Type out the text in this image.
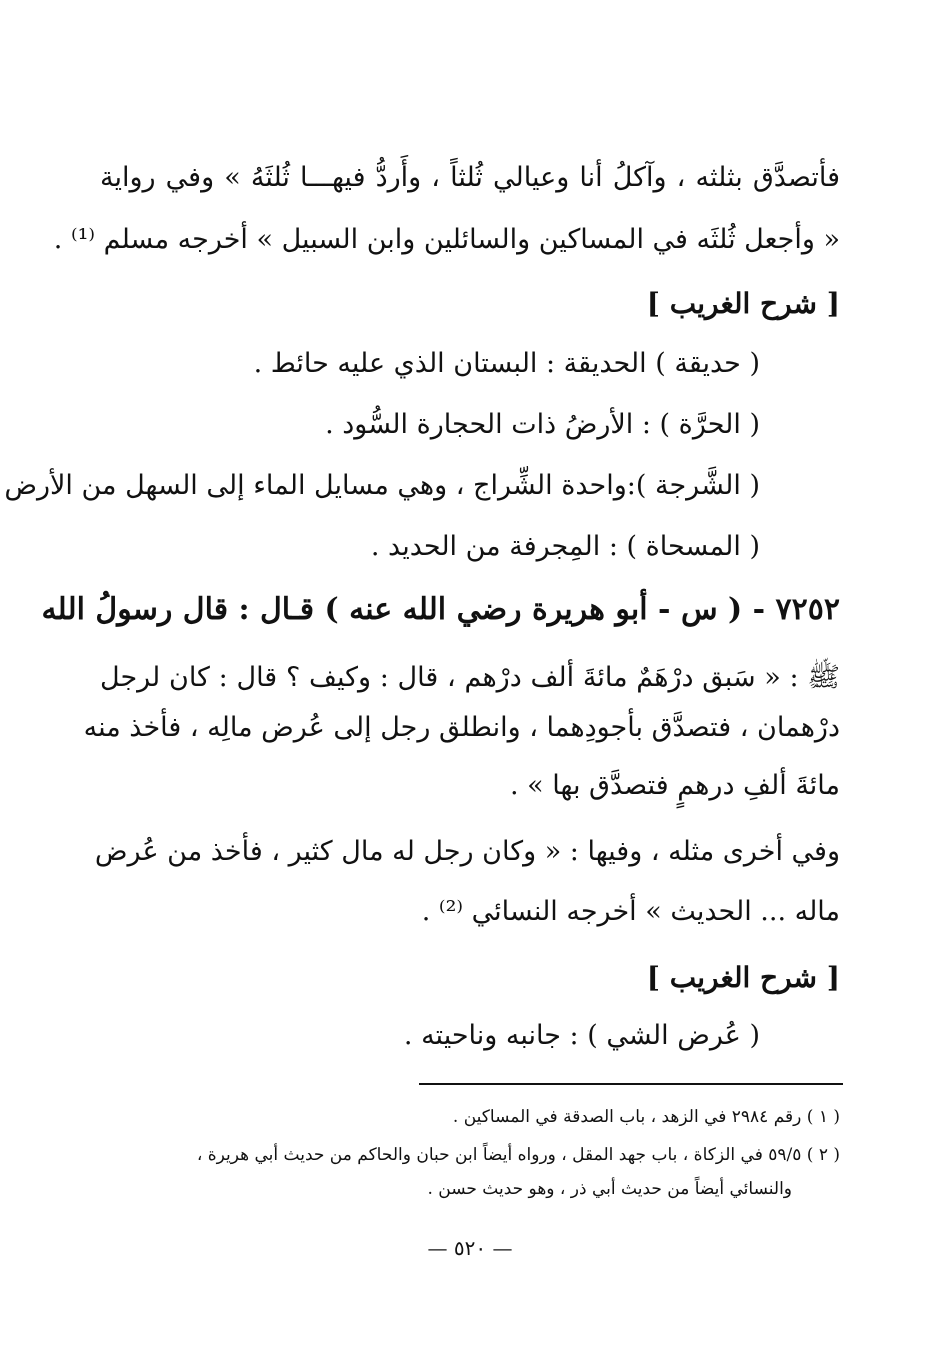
فأتصدَّق بثلثه ، وآكلُ أنا وعيالي ثُلثاً ، وأَردُّ فيهـــا ثُلثَهُ » وفي رواية
« وأجعل ثُلثَه في المساكين والسائلين وابن السبيل » أخرجه مسلم ⁽¹⁾ .
[ شرح الغريب ]
( حديقة ) الحديقة : البستان الذي عليه حائط .
( الحرَّة ) : الأرضُ ذات الحجارة السُّود .
( الشَّرجة ):واحدة الشِّراج ، وهي مسايل الماء إلى السهل من الأرض
( المسحاة ) : المِجرفة من الحديد .
٧٢٥٢ - ( س - أبو هريرة رضي الله عنه ) قـال : قال رسولُ الله
ﷺ : « سَبق درْهَمٌ مائةَ ألف درْهم ، قال : وكيف ؟ قال : كان لرجل
درْهمان ، فتصدَّق بأجودِهما ، وانطلق رجل إلى عُرض مالِه ، فأخذ منه
مائةَ ألفِ درهمٍ فتصدَّق بها » .
وفي أخرى مثله ، وفيها : « وكان رجل له مال كثير ، فأخذ من عُرض
ماله ... الحديث » أخرجه النسائي ⁽²⁾ .
[ شرح الغريب ]
( عُرض الشي ) : جانبه وناحيته .
( ١ ) رقم ٢٩٨٤ في الزهد ، باب الصدقة في المساكين .
( ٢ ) ٥٩/٥ في الزكاة ، باب جهد المقل ، ورواه أيضاً ابن حبان والحاكم من حديث أبي هريرة ،
والنسائي أيضاً من حديث أبي ذر ، وهو حديث حسن .
— ٥٢٠ —
